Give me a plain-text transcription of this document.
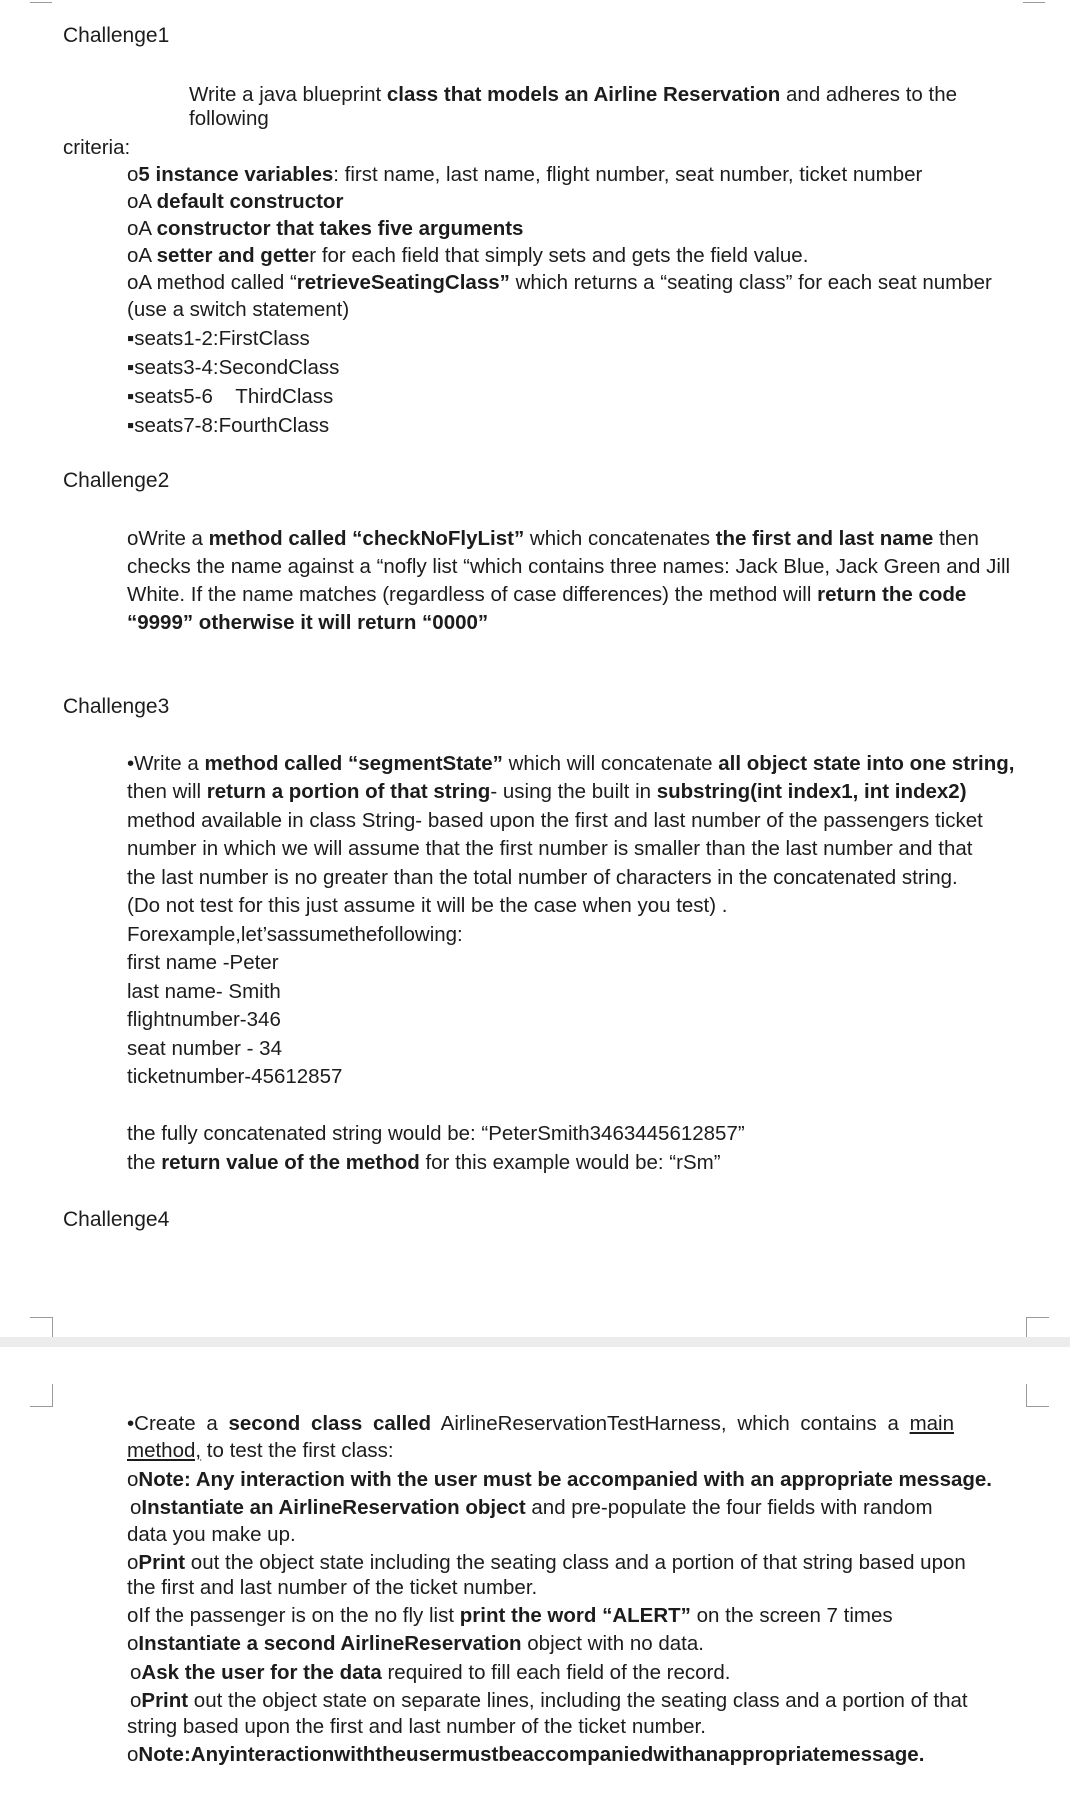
Challenge1
Write a java blueprint class that models an Airline Reservation and adheres to the
following
criteria:
o5 instance variables: first name, last name, flight number, seat number, ticket number
oA default constructor
oA constructor that takes five arguments
oA setter and getter for each field that simply sets and gets the field value.
oA method called “retrieveSeatingClass” which returns a “seating class” for each seat number
(use a switch statement)
▪seats1-2:FirstClass
▪seats3-4:SecondClass
▪seats5-6    ThirdClass
▪seats7-8:FourthClass
Challenge2
oWrite a method called “checkNoFlyList” which concatenates the first and last name then
checks the name against a “nofly list “which contains three names: Jack Blue, Jack Green and Jill
White. If the name matches (regardless of case differences) the method will return the code
“9999” otherwise it will return “0000”
Challenge3
•Write a method called “segmentState” which will concatenate all object state into one string,
then will return a portion of that string- using the built in substring(int index1, int index2)
method available in class String- based upon the first and last number of the passengers ticket
number in which we will assume that the first number is smaller than the last number and that
the last number is no greater than the total number of characters in the concatenated string.
(Do not test for this just assume it will be the case when you test) .
Forexample,let’sassumethefollowing:
first name -Peter
last name- Smith
flightnumber-346
seat number - 34
ticketnumber-45612857
the fully concatenated string would be: “PeterSmith3463445612857”
the return value of the method for this example would be: “rSm”
Challenge4
•Create a second class called AirlineReservationTestHarness, which contains a main
method, to test the first class:
oNote: Any interaction with the user must be accompanied with an appropriate message.
oInstantiate an AirlineReservation object and pre-populate the four fields with random
data you make up.
oPrint out the object state including the seating class and a portion of that string based upon
the first and last number of the ticket number.
oIf the passenger is on the no fly list print the word “ALERT” on the screen 7 times
oInstantiate a second AirlineReservation object with no data.
oAsk the user for the data required to fill each field of the record.
oPrint out the object state on separate lines, including the seating class and a portion of that
string based upon the first and last number of the ticket number.
oNote:Anyinteractionwiththeusermustbeaccompaniedwithanappropriatemessage.
